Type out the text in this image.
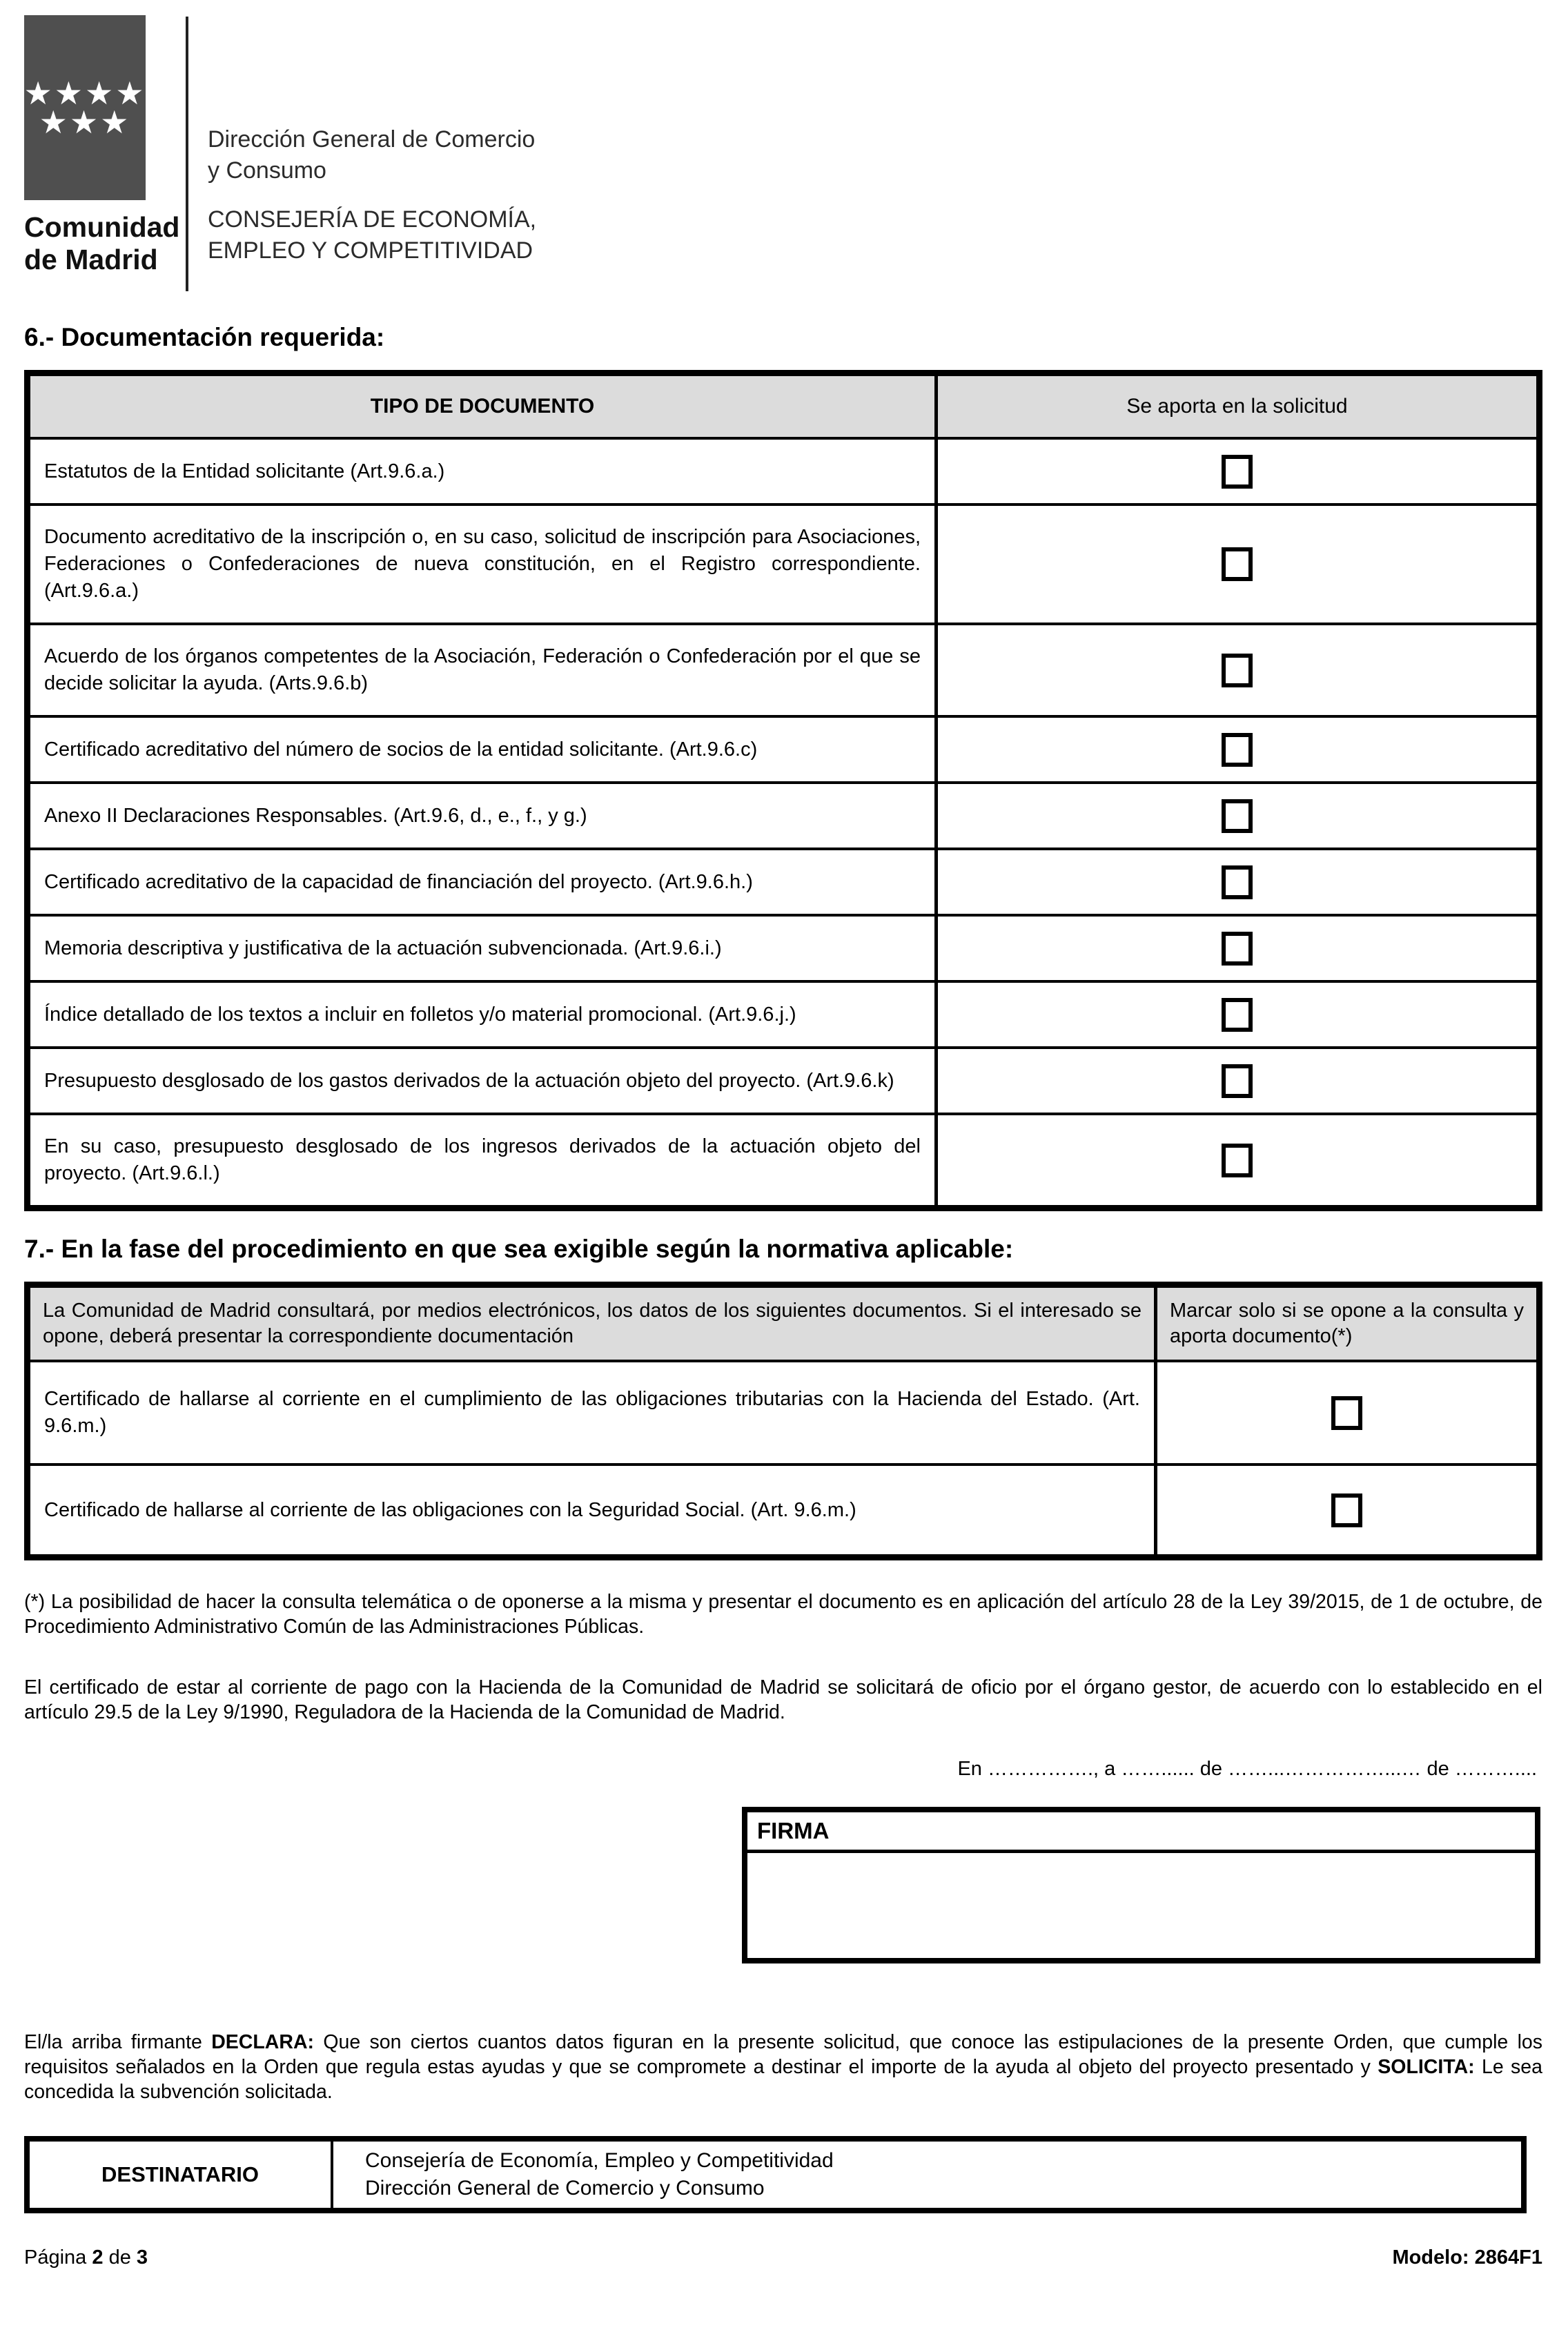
★★★★
★★★
Comunidad
de Madrid
Dirección General de Comercio
y Consumo
CONSEJERÍA DE ECONOMÍA,
EMPLEO Y COMPETITIVIDAD
6.- Documentación requerida:
TIPO DE DOCUMENTO	Se aporta en la solicitud
Estatutos de la Entidad solicitante (Art.9.6.a.)
Documento acreditativo de la inscripción o, en su caso, solicitud de inscripción para Asociaciones, Federaciones o Confederaciones de nueva constitución, en el Registro correspondiente. (Art.9.6.a.)
Acuerdo de los órganos competentes de la Asociación, Federación o Confederación por el que se decide solicitar la ayuda. (Arts.9.6.b)
Certificado acreditativo del número de socios de la entidad solicitante. (Art.9.6.c)
Anexo II Declaraciones Responsables. (Art.9.6, d., e., f., y g.)
Certificado acreditativo de la capacidad de financiación del proyecto. (Art.9.6.h.)
Memoria descriptiva y justificativa de la actuación subvencionada. (Art.9.6.i.)
Índice detallado de los textos a incluir en folletos y/o material promocional. (Art.9.6.j.)
Presupuesto desglosado de los gastos derivados de la actuación objeto del proyecto. (Art.9.6.k)
En su caso, presupuesto desglosado de los ingresos derivados de la actuación objeto del proyecto. (Art.9.6.l.)
7.- En la fase del procedimiento en que sea exigible según la normativa aplicable:
La Comunidad de Madrid consultará, por medios electrónicos, los datos de los siguientes documentos. Si el interesado se opone, deberá presentar la correspondiente documentación
Marcar solo si se opone a la consulta y aporta documento(*)
Certificado de hallarse al corriente en el cumplimiento de las obligaciones tributarias con la Hacienda del Estado. (Art. 9.6.m.)
Certificado de hallarse al corriente de las obligaciones con la Seguridad Social. (Art. 9.6.m.)
(*) La posibilidad de hacer la consulta telemática o de oponerse a la misma y presentar el documento es en aplicación del artículo 28 de la Ley 39/2015, de 1 de octubre, de Procedimiento Administrativo Común de las Administraciones Públicas.
El certificado de estar al corriente de pago con la Hacienda de la Comunidad de Madrid se solicitará de oficio por el órgano gestor, de acuerdo con lo establecido en el artículo 29.5 de la Ley 9/1990, Reguladora de la Hacienda de la Comunidad de Madrid.
En ……………., a ……...... de ……...……………...… de ………....
FIRMA
El/la arriba firmante DECLARA: Que son ciertos cuantos datos figuran en la presente solicitud, que conoce las estipulaciones de la presente Orden, que cumple los requisitos señalados en la Orden que regula estas ayudas y que se compromete a destinar el importe de la ayuda al objeto del proyecto presentado y SOLICITA: Le sea concedida la subvención solicitada.
DESTINATARIO
Consejería de Economía, Empleo y Competitividad
Dirección General de Comercio y Consumo
Página 2 de 3	Modelo: 2864F1
